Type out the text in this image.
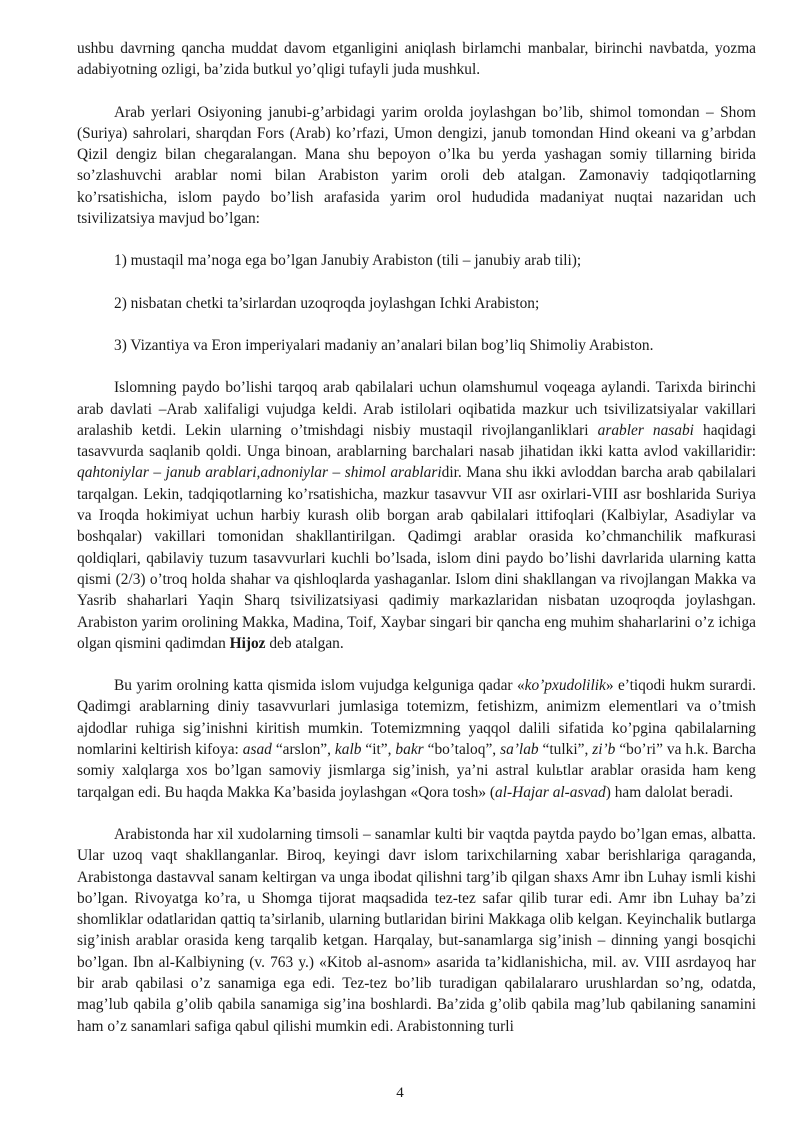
ushbu davrning qancha muddat davom etganligini aniqlash birlamchi manbalar, birinchi navbatda, yozma adabiyotning ozligi, ba’zida butkul yo’qligi tufayli juda mushkul.

Arab yerlari Osiyoning janubi-g’arbidagi yarim orolda joylashgan bo’lib, shimol tomondan – Shom (Suriya) sahrolari, sharqdan Fors (Arab) ko’rfazi, Umon dengizi, janub tomondan Hind okeani va g’arbdan Qizil dengiz bilan chegaralangan. Mana shu bepoyon o’lka bu yerda yashagan somiy tillarning birida so’zlashuvchi arablar nomi bilan Arabiston yarim oroli deb atalgan. Zamonaviy tadqiqotlarning ko’rsatishicha, islom paydo bo’lish arafasida yarim orol hududida madaniyat nuqtai nazaridan uch tsivilizatsiya mavjud bo’lgan:

1) mustaqil ma’noga ega bo’lgan Janubiy Arabiston (tili – janubiy arab tili);

2) nisbatan chetki ta’sirlardan uzoqroqda joylashgan Ichki Arabiston;

3) Vizantiya va Eron imperiyalari madaniy an’analari bilan bog’liq Shimoliy Arabiston.

Islomning paydo bo’lishi tarqoq arab qabilalari uchun olamshumul voqeaga aylandi. Tarixda birinchi arab davlati –Arab xalifaligi vujudga keldi. Arab istilolari oqibatida mazkur uch tsivilizatsiyalar vakillari aralashib ketdi. Lekin ularning o’tmishdagi nisbiy mustaqil rivojlanganliklari arabler nasabi haqidagi tasavvurda saqlanib qoldi. Unga binoan, arablarning barchalari nasab jihatidan ikki katta avlod vakillaridir: qahtoniylar – janub arablari,adnoniylar – shimol arablaridir. Mana shu ikki avloddan barcha arab qabilalari tarqalgan. Lekin, tadqiqotlarning ko’rsatishicha, mazkur tasavvur VII asr oxirlari-VIII asr boshlarida Suriya va Iroqda hokimiyat uchun harbiy kurash olib borgan arab qabilalari ittifoqlari (Kalbiylar, Asadiylar va boshqalar) vakillari tomonidan shakllantirilgan. Qadimgi arablar orasida ko’chmanchilik mafkurasi qoldiqlari, qabilaviy tuzum tasavvurlari kuchli bo’lsada, islom dini paydo bo’lishi davrlarida ularning katta qismi (2/3) o’troq holda shahar va qishloqlarda yashaganlar. Islom dini shakllangan va rivojlangan Makka va Yasrib shaharlari Yaqin Sharq tsivilizatsiyasi qadimiy markazlaridan nisbatan uzoqroqda joylashgan. Arabiston yarim orolining Makka, Madina, Toif, Xaybar singari bir qancha eng muhim shaharlarini o’z ichiga olgan qismini qadimdan Hijoz deb atalgan.

Bu yarim orolning katta qismida islom vujudga kelguniga qadar «ko’pxudolilik» e’tiqodi hukm surardi. Qadimgi arablarning diniy tasavvurlari jumlasiga totemizm, fetishizm, animizm elementlari va o’tmish ajdodlar ruhiga sig’inishni kiritish mumkin. Totemizmning yaqqol dalili sifatida ko’pgina qabilalarning nomlarini keltirish kifoya: asad “arslon”, kalb “it”, bakr “bo’taloq”, sa’lab “tulki”, zi’b “bo’ri” va h.k. Barcha somiy xalqlarga xos bo’lgan samoviy jismlarga sig’inish, ya’ni astral kulьtlar arablar orasida ham keng tarqalgan edi. Bu haqda Makka Ka’basida joylashgan «Qora tosh» (al-Hajar al-asvad) ham dalolat beradi.

Arabistonda har xil xudolarning timsoli – sanamlar kulti bir vaqtda paytda paydo bo’lgan emas, albatta. Ular uzoq vaqt shakllanganlar. Biroq, keyingi davr islom tarixchilarning xabar berishlariga qaraganda, Arabistonga dastavval sanam keltirgan va unga ibodat qilishni targ’ib qilgan shaxs Amr ibn Luhay ismli kishi bo’lgan. Rivoyatga ko’ra, u Shomga tijorat maqsadida tez-tez safar qilib turar edi. Amr ibn Luhay ba’zi shomliklar odatlaridan qattiq ta’sirlanib, ularning butlaridan birini Makkaga olib kelgan. Keyinchalik butlarga sig’inish arablar orasida keng tarqalib ketgan. Harqalay, but-sanamlarga sig’inish – dinning yangi bosqichi bo’lgan. Ibn al-Kalbiyning (v. 763 y.) «Kitob al-asnom» asarida ta’kidlanishicha, mil. av. VIII asrdayoq har bir arab qabilasi o’z sanamiga ega edi. Tez-tez bo’lib turadigan qabilalararo urushlardan so’ng, odatda, mag’lub qabila g’olib qabila sanamiga sig’ina boshlardi. Ba’zida g’olib qabila mag’lub qabilaning sanamini ham o’z sanamlari safiga qabul qilishi mumkin edi. Arabistonning turli

4
